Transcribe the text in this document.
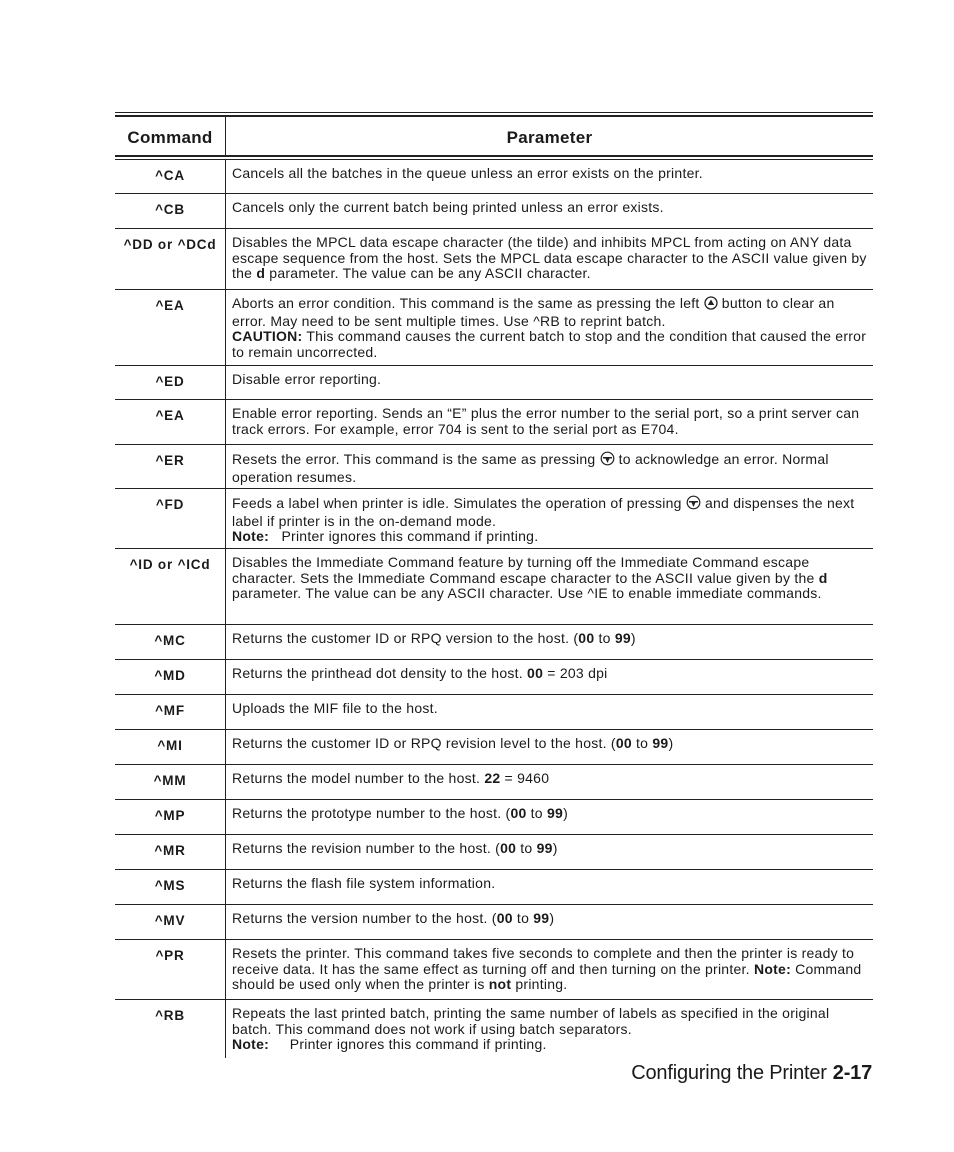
Command	Parameter
^CA	Cancels all the batches in the queue unless an error exists on the printer.
^CB	Cancels only the current batch being printed unless an error exists.
^DD or ^DCd	Disables the MPCL data escape character (the tilde) and inhibits MPCL from acting on ANY data escape sequence from the host. Sets the MPCL data escape character to the ASCII value given by the d parameter. The value can be any ASCII character.
^EA	Aborts an error condition. This command is the same as pressing the left  button to clear an error. May need to be sent multiple times. Use ^RB to reprint batch.
CAUTION: This command causes the current batch to stop and the condition that caused the error to remain uncorrected.
^ED	Disable error reporting.
^EA	Enable error reporting. Sends an “E” plus the error number to the serial port, so a print server can track errors. For example, error 704 is sent to the serial port as E704.
^ER	Resets the error. This command is the same as pressing  to acknowledge an error. Normal operation resumes.
^FD	Feeds a label when printer is idle. Simulates the operation of pressing  and dispenses the next label if printer is in the on-demand mode.
Note:   Printer ignores this command if printing.
^ID or ^ICd	Disables the Immediate Command feature by turning off the Immediate Command escape character. Sets the Immediate Command escape character to the ASCII value given by the d parameter. The value can be any ASCII character. Use ^IE to enable immediate commands.
^MC	Returns the customer ID or RPQ version to the host. (00 to 99)
^MD	Returns the printhead dot density to the host. 00 = 203 dpi
^MF	Uploads the MIF file to the host.
^MI	Returns the customer ID or RPQ revision level to the host. (00 to 99)
^MM	Returns the model number to the host. 22 = 9460
^MP	Returns the prototype number to the host. (00 to 99)
^MR	Returns the revision number to the host. (00 to 99)
^MS	Returns the flash file system information.
^MV	Returns the version number to the host. (00 to 99)
^PR	Resets the printer. This command takes five seconds to complete and then the printer is ready to receive data. It has the same effect as turning off and then turning on the printer. Note: Command should be used only when the printer is not printing.
^RB	Repeats the last printed batch, printing the same number of labels as specified in the original batch. This command does not work if using batch separators.
Note:     Printer ignores this command if printing.
Configuring the Printer 2-17
